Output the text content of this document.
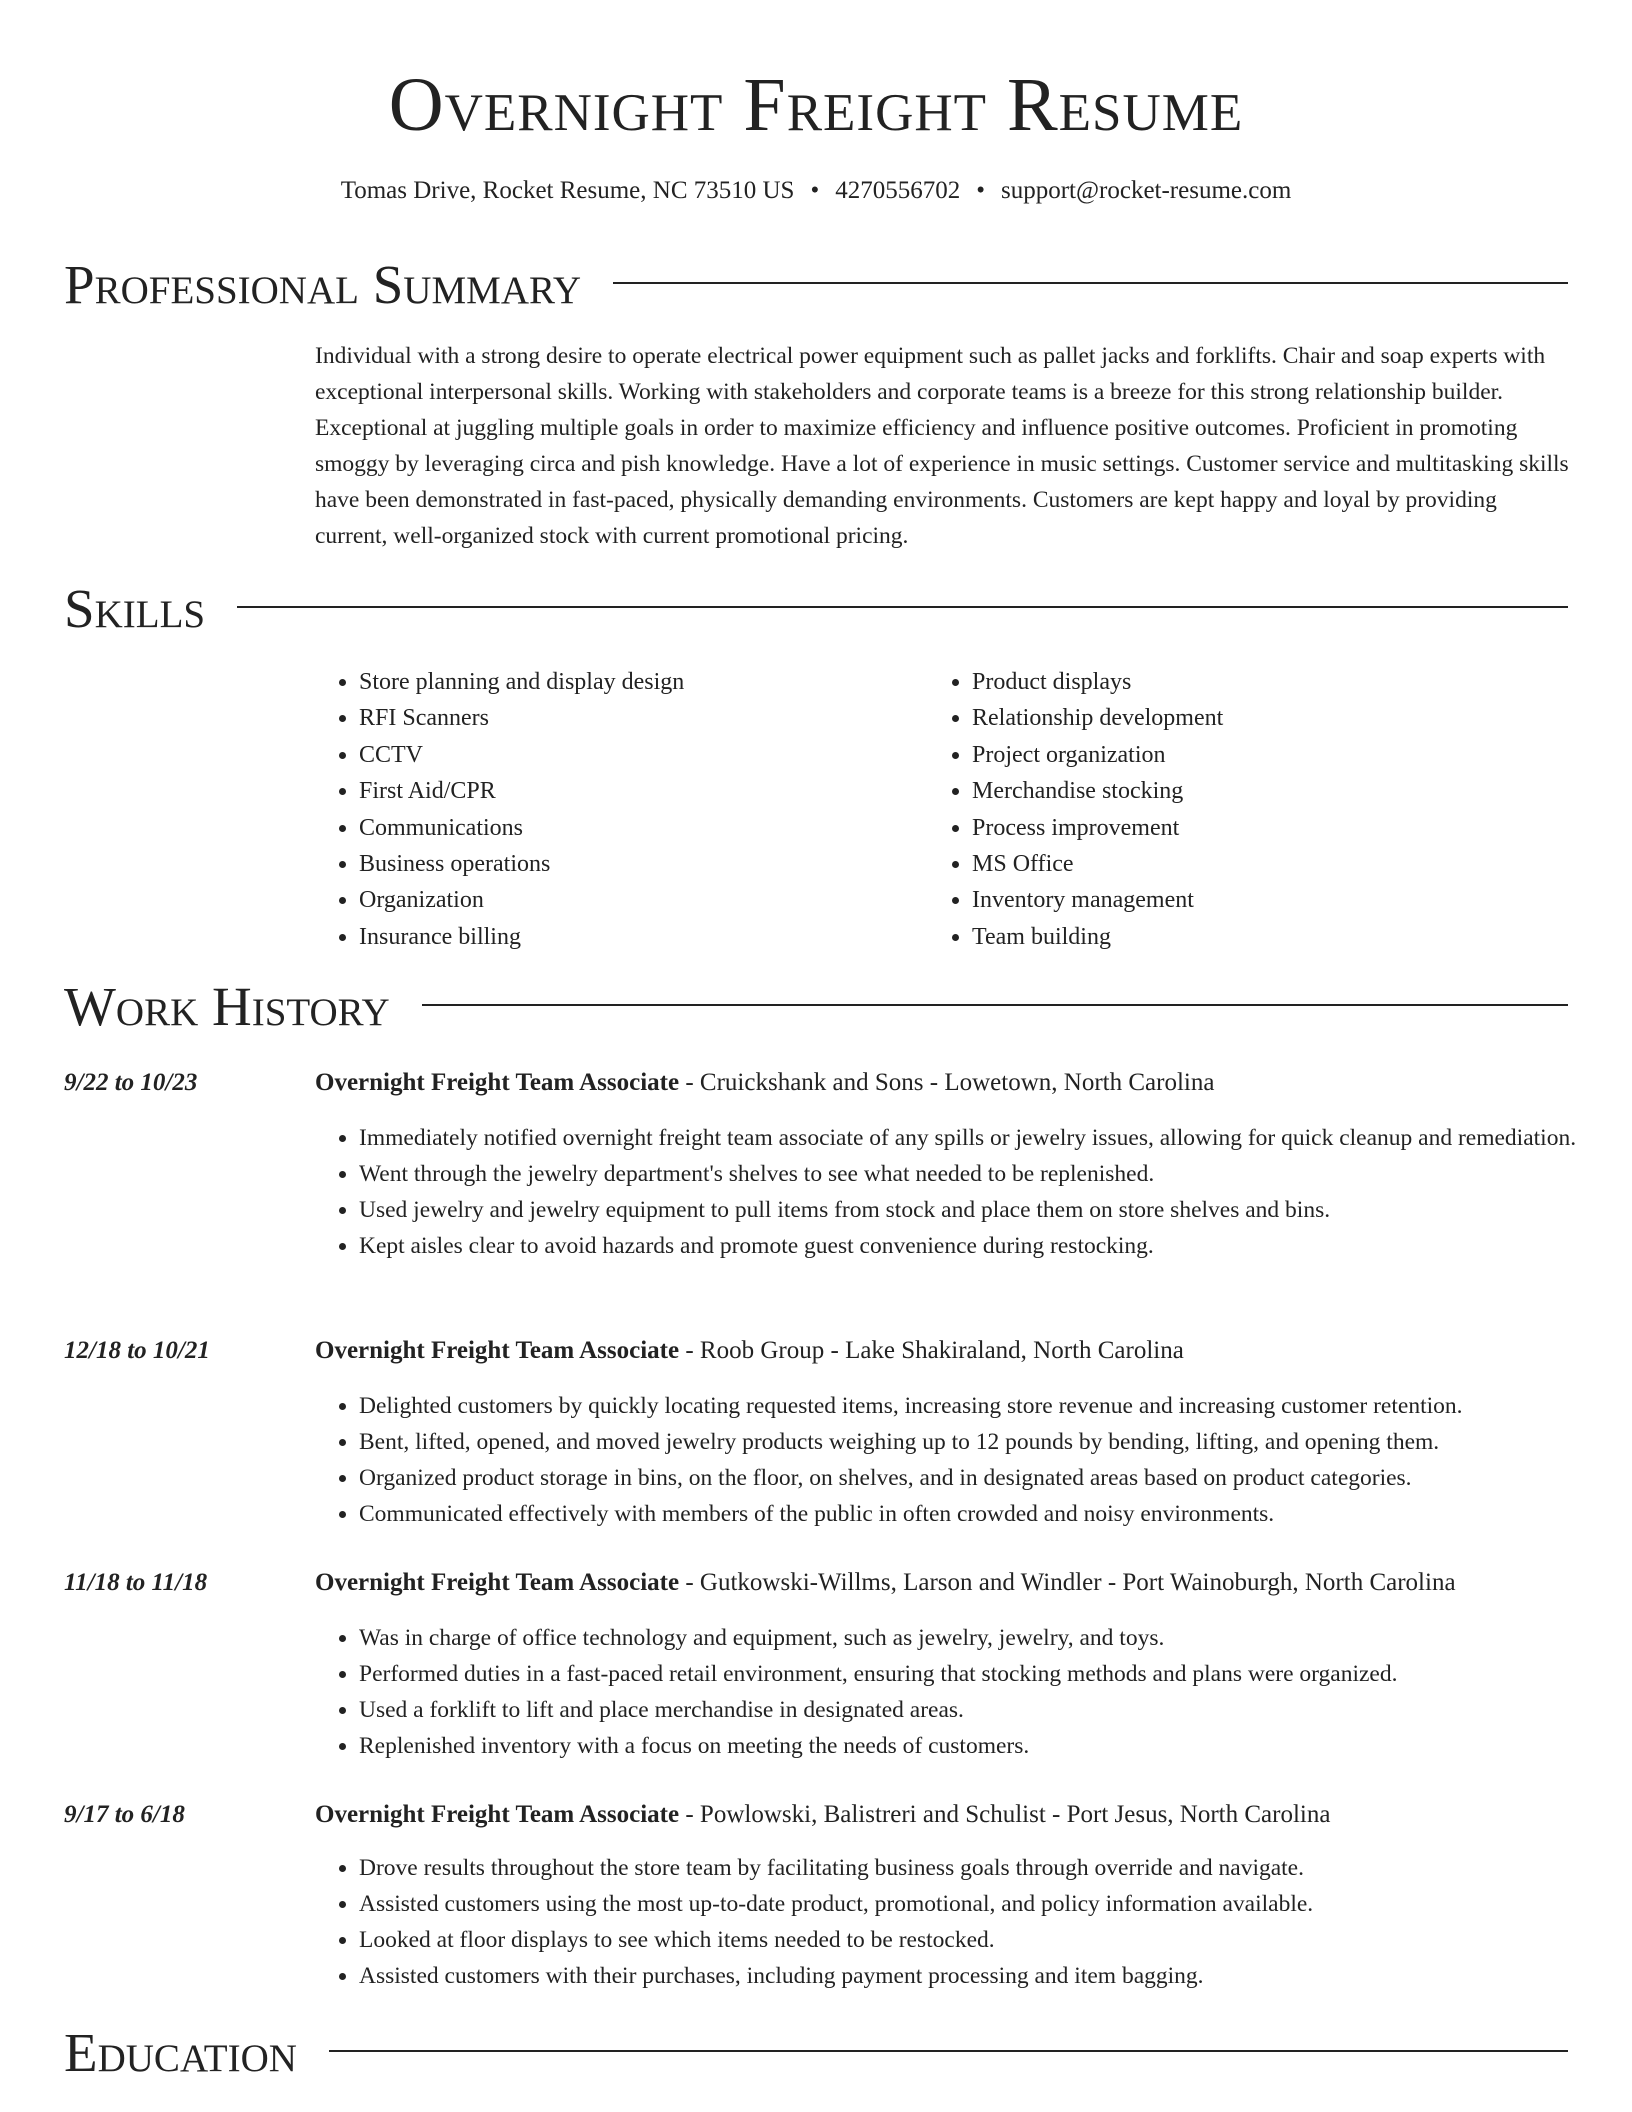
Overnight Freight Resume
Tomas Drive, Rocket Resume, NC 73510 US • 4270556702 • support@rocket-resume.com
Professional Summary

Individual with a strong desire to operate electrical power equipment such as pallet jacks and forklifts. Chair and soap experts with exceptional interpersonal skills. Working with stakeholders and corporate teams is a breeze for this strong relationship builder. Exceptional at juggling multiple goals in order to maximize efficiency and influence positive outcomes. Proficient in promoting smoggy by leveraging circa and pish knowledge. Have a lot of experience in music settings. Customer service and multitasking skills have been demonstrated in fast-paced, physically demanding environments. Customers are kept happy and loyal by providing current, well-organized stock with current promotional pricing.

Skills
• Store planning and display design
• RFI Scanners
• CCTV
• First Aid/CPR
• Communications
• Business operations
• Organization
• Insurance billing
• Product displays
• Relationship development
• Project organization
• Merchandise stocking
• Process improvement
• MS Office
• Inventory management
• Team building
Work History
9/22 to 10/23	Overnight Freight Team Associate - Cruickshank and Sons - Lowetown, North Carolina
• Immediately notified overnight freight team associate of any spills or jewelry issues, allowing for quick cleanup and remediation.
• Went through the jewelry department's shelves to see what needed to be replenished.
• Used jewelry and jewelry equipment to pull items from stock and place them on store shelves and bins.
• Kept aisles clear to avoid hazards and promote guest convenience during restocking.
12/18 to 10/21	Overnight Freight Team Associate - Roob Group - Lake Shakiraland, North Carolina
• Delighted customers by quickly locating requested items, increasing store revenue and increasing customer retention.
• Bent, lifted, opened, and moved jewelry products weighing up to 12 pounds by bending, lifting, and opening them.
• Organized product storage in bins, on the floor, on shelves, and in designated areas based on product categories.
• Communicated effectively with members of the public in often crowded and noisy environments.
11/18 to 11/18	Overnight Freight Team Associate - Gutkowski-Willms, Larson and Windler - Port Wainoburgh, North Carolina
• Was in charge of office technology and equipment, such as jewelry, jewelry, and toys.
• Performed duties in a fast-paced retail environment, ensuring that stocking methods and plans were organized.
• Used a forklift to lift and place merchandise in designated areas.
• Replenished inventory with a focus on meeting the needs of customers.
9/17 to 6/18	Overnight Freight Team Associate - Powlowski, Balistreri and Schulist - Port Jesus, North Carolina
• Drove results throughout the store team by facilitating business goals through override and navigate.
• Assisted customers using the most up-to-date product, promotional, and policy information available.
• Looked at floor displays to see which items needed to be restocked.
• Assisted customers with their purchases, including payment processing and item bagging.
Education
